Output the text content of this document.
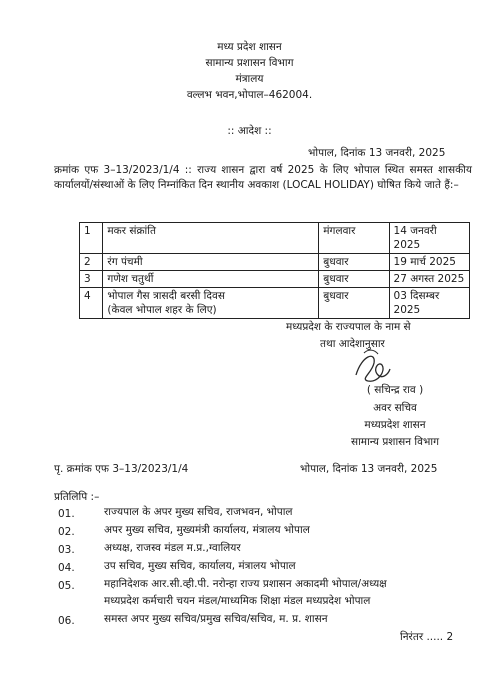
मध्य प्रदेश शासन
सामान्य प्रशासन विभाग
मंत्रालय
वल्लभ भवन,भोपाल–462004.
:: आदेश ::
भोपाल, दिनांक 13 जनवरी, 2025
क्रमांक एफ 3–13/2023/1/4 :: राज्य शासन द्वारा वर्ष 2025 के लिए भोपाल स्थित समस्त शासकीय कार्यालयों/संस्थाओं के लिए निम्नांकित दिन स्थानीय अवकाश (LOCAL HOLIDAY) घोषित किये जाते हैं:–
1	मकर संक्रांति	मंगलवार	14 जनवरी 2025
2	रंग पंचमी	बुधवार	19 मार्च 2025
3	गणेश चतुर्थी	बुधवार	27 अगस्त 2025
4	भोपाल गैस त्रासदी बरसी दिवस
(केवल भोपाल शहर के लिए)	बुधवार	03 दिसम्बर 2025
मध्यप्रदेश के राज्यपाल के नाम से
तथा आदेशानुसार
( सचिन्द्र राव )
अवर सचिव
मध्यप्रदेश शासन
सामान्य प्रशासन विभाग
पृ. क्रमांक एफ 3–13/2023/1/4	भोपाल, दिनांक 13 जनवरी, 2025
प्रतिलिपि :–
01.	राज्यपाल के अपर मुख्य सचिव, राजभवन, भोपाल
02.	अपर मुख्य सचिव, मुख्यमंत्री कार्यालय, मंत्रालय भोपाल
03.	अध्यक्ष, राजस्व मंडल म.प्र.,ग्वालियर
04.	उप सचिव, मुख्य सचिव, कार्यालय, मंत्रालय भोपाल
05.	महानिदेशक आर.सी.व्ही.पी. नरोन्हा राज्य प्रशासन अकादमी भोपाल/अध्यक्ष
मध्यप्रदेश कर्मचारी चयन मंडल/माध्यमिक शिक्षा मंडल मध्यप्रदेश भोपाल
06.	समस्त अपर मुख्य सचिव/प्रमुख सचिव/सचिव, म. प्र. शासन
निरंतर ..... 2
